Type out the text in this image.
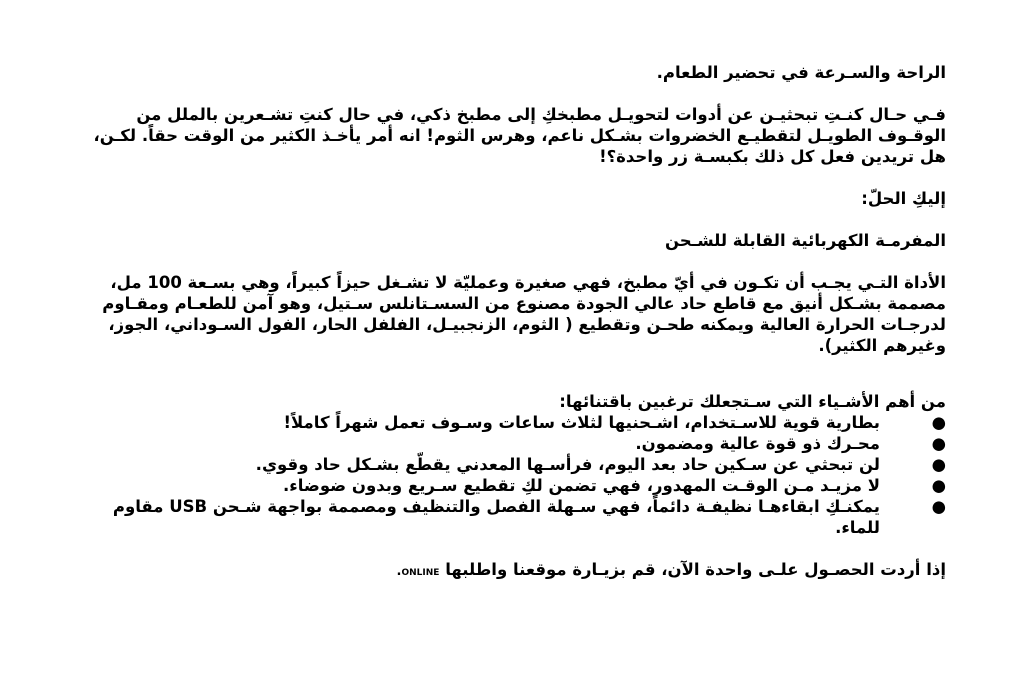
الراحة والسـرعة في تحضير الطعام.

فـي حـال كنـتِ تبحثيـن عن أدوات لتحويـل مطبخكِ إلى مطبخ ذكي، في حال كنتِ تشـعرين بالملل من الوقـوف الطويـل لتقطيـع الخضروات بشـكل ناعم، وهرس الثوم! انه أمر يأخـذ الكثير من الوقت حقاً. لكـن، هل تريدين فعل كل ذلك بكبسـة زر واحدة؟!

إليكِ الحلّ:

المفرمـة الكهربائية القابلة للشـحن

الأداة التـي يجـب أن تكـون في أيّ مطبخ، فهي صغيرة وعمليّة لا تشـغل حيزاً كبيراً، وهي بسـعة 100 مل، مصممة بشـكل أنيق مع قاطع حاد عالي الجودة مصنوع من السسـتانلس سـتيل، وهو آمن للطعـام ومقـاوم لدرجـات الحرارة العالية ويمكنه طحـن وتقطيع ( الثوم، الزنجبيـل، الفلفل الحار، الفول السـوداني، الجوز، وغيرهم الكثير).

من أهم الأشـياء التي سـتجعلك ترغبين باقتنائها:

●
بطارية قوية للاسـتخدام، اشـحنيها لثلاث ساعات وسـوف تعمل شهراً كاملاً!
●
محـرك ذو قوة عالية ومضمون.
●
لن تبحثي عن سـكين حاد بعد اليوم، فرأسـها المعدني يقطّع بشـكل حاد وقوي.
●
لا مزيـد مـن الوقـت المهدور، فهي تضمن لكِ تقطيع سـريع وبدون ضوضاء.
●
يمكنـكِ ابقاءهـا نظيفـة دائماً، فهي سـهلة الفصل والتنظيف ومصممة بواجهة شـحن USB مقاوم للماء.

إذا أردت الحصـول علـى واحدة الآن، قم بزيـارة موقعنا واطلبها online.
